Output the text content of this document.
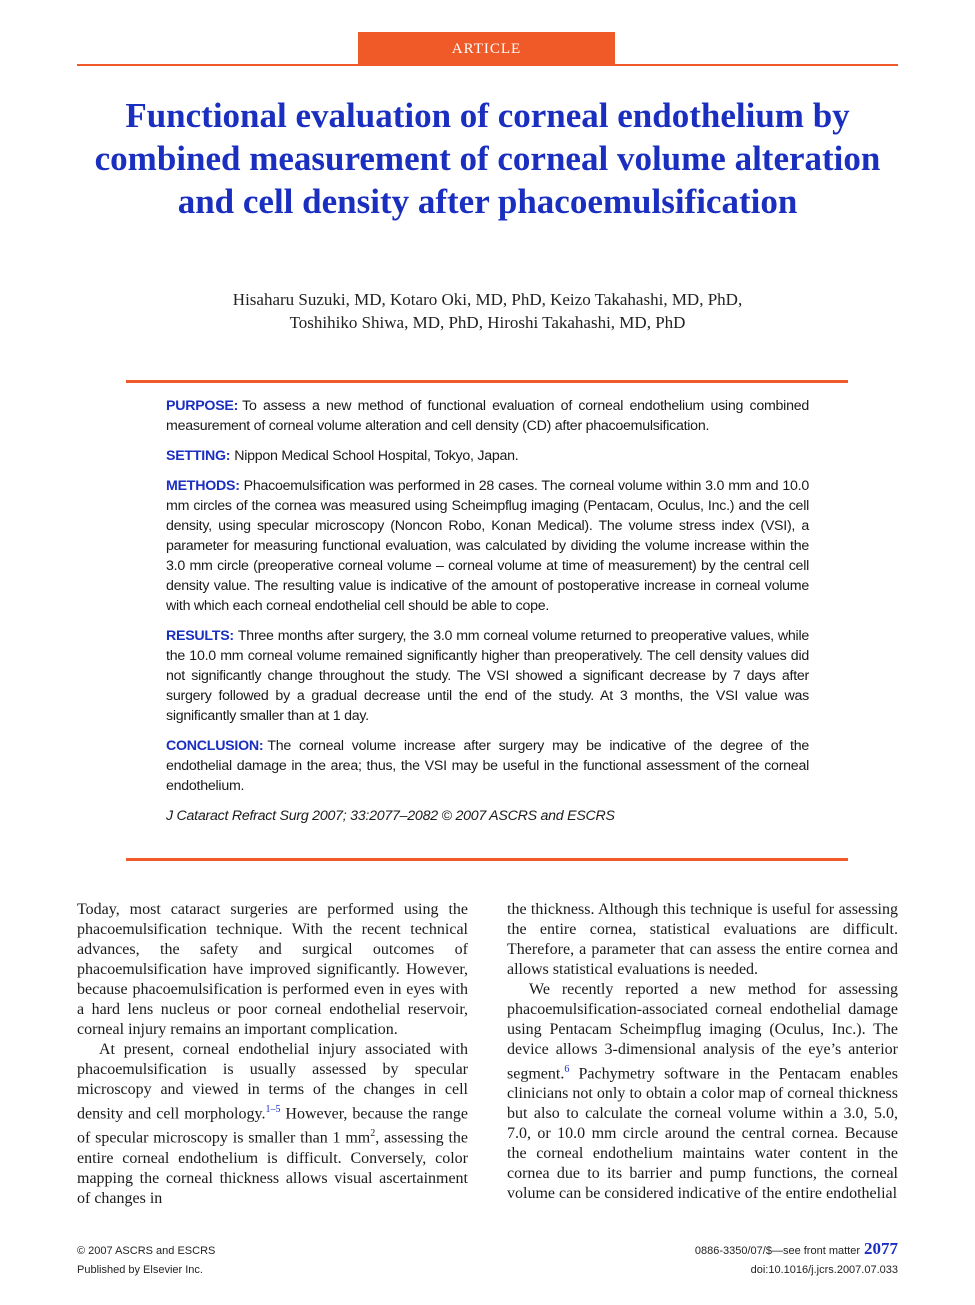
ARTICLE
Functional evaluation of corneal endothelium by combined measurement of corneal volume alteration and cell density after phacoemulsification
Hisaharu Suzuki, MD, Kotaro Oki, MD, PhD, Keizo Takahashi, MD, PhD,
Toshihiko Shiwa, MD, PhD, Hiroshi Takahashi, MD, PhD

PURPOSE: To assess a new method of functional evaluation of corneal endothelium using combined measurement of corneal volume alteration and cell density (CD) after phacoemulsification.

SETTING: Nippon Medical School Hospital, Tokyo, Japan.

METHODS: Phacoemulsification was performed in 28 cases. The corneal volume within 3.0 mm and 10.0 mm circles of the cornea was measured using Scheimpflug imaging (Pentacam, Oculus, Inc.) and the cell density, using specular microscopy (Noncon Robo, Konan Medical). The volume stress index (VSI), a parameter for measuring functional evaluation, was calculated by dividing the volume increase within the 3.0 mm circle (preoperative corneal volume – corneal volume at time of measurement) by the central cell density value. The resulting value is indicative of the amount of postoperative increase in corneal volume with which each corneal endothelial cell should be able to cope.

RESULTS: Three months after surgery, the 3.0 mm corneal volume returned to preoperative values, while the 10.0 mm corneal volume remained significantly higher than preoperatively. The cell density values did not significantly change throughout the study. The VSI showed a significant decrease by 7 days after surgery followed by a gradual decrease until the end of the study. At 3 months, the VSI value was significantly smaller than at 1 day.

CONCLUSION: The corneal volume increase after surgery may be indicative of the degree of the endothelial damage in the area; thus, the VSI may be useful in the functional assessment of the corneal endothelium.

J Cataract Refract Surg 2007; 33:2077–2082 © 2007 ASCRS and ESCRS

Today, most cataract surgeries are performed using the phacoemulsification technique. With the recent technical advances, the safety and surgical outcomes of phacoemulsification have improved significantly. However, because phacoemulsification is performed even in eyes with a hard lens nucleus or poor corneal endothelial reservoir, corneal injury remains an important complication.

At present, corneal endothelial injury associated with phacoemulsification is usually assessed by specular microscopy and viewed in terms of the changes in cell density and cell morphology.$^{1-5}$ However, because the range of specular microscopy is smaller than 1 $mm^2$, assessing the entire corneal endothelium is difficult. Conversely, color mapping the corneal thickness allows visual ascertainment of changes in

the thickness. Although this technique is useful for assessing the entire cornea, statistical evaluations are difficult. Therefore, a parameter that can assess the entire cornea and allows statistical evaluations is needed.

We recently reported a new method for assessing phacoemulsification-associated corneal endothelial damage using Pentacam Scheimpflug imaging (Oculus, Inc.). The device allows 3-dimensional analysis of the eye’s anterior segment.$^6$ Pachymetry software in the Pentacam enables clinicians not only to obtain a color map of corneal thickness but also to calculate the corneal volume within a 3.0, 5.0, 7.0, or 10.0 mm circle around the central cornea. Because the corneal endothelium maintains water content in the cornea due to its barrier and pump functions, the corneal volume can be considered indicative of the entire endothelial

© 2007 ASCRS and ESCRS
Published by Elsevier Inc.
0886-3350/07/$—see front matter 2077
doi:10.1016/j.jcrs.2007.07.033
